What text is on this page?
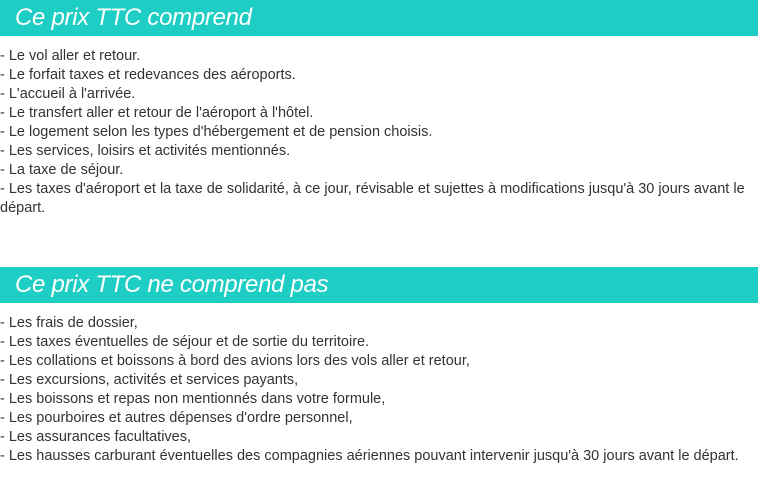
Ce prix TTC comprend
- Le vol aller et retour.
- Le forfait taxes et redevances des aéroports.
- L'accueil à l'arrivée.
- Le transfert aller et retour de l'aéroport à l'hôtel.
- Le logement selon les types d'hébergement et de pension choisis.
- Les services, loisirs et activités mentionnés.
- La taxe de séjour.
- Les taxes d'aéroport et la taxe de solidarité, à ce jour, révisable et sujettes à modifications jusqu'à 30 jours avant le départ.
Ce prix TTC ne comprend pas
- Les frais de dossier,
- Les taxes éventuelles de séjour et de sortie du territoire.
- Les collations et boissons à bord des avions lors des vols aller et retour,
- Les excursions, activités et services payants,
- Les boissons et repas non mentionnés dans votre formule,
- Les pourboires et autres dépenses d'ordre personnel,
- Les assurances facultatives,
- Les hausses carburant éventuelles des compagnies aériennes pouvant intervenir jusqu'à 30 jours avant le départ.
